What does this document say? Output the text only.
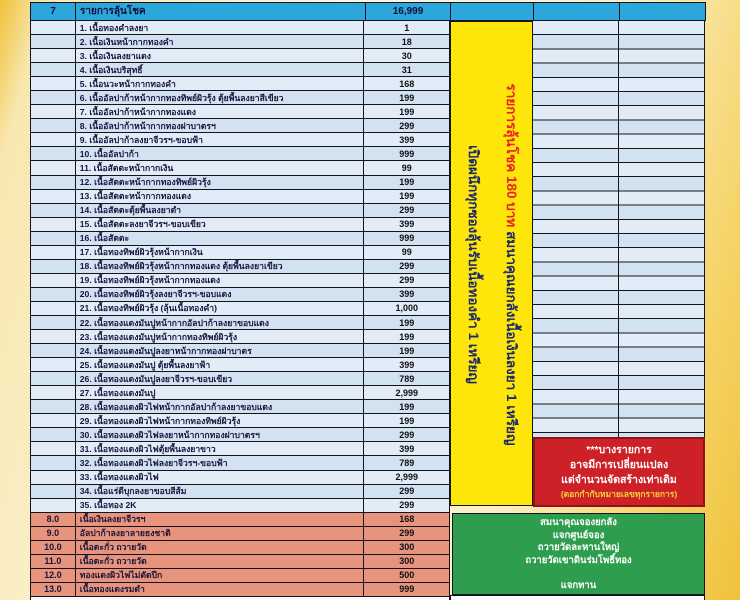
7	รายการลุ้นโชค	16,999
1. เนื้อทองคำลงยา	1
2. เนื้อเงินหน้ากากทองคำ	18
3. เนื้อเงินลงยาแดง	30
4. เนื้อเงินบริสุทธิ์	31
5. เนื้อนวะหน้ากากทองคำ	168
6. เนื้ออัลปาก้าหน้ากากทองทิพย์ผิวรุ้ง ตุ้ยพื้นลงยาสีเขียว	199
7. เนื้ออัลปาก้าหน้ากากทองแดง	199
8. เนื้ออัลปาก้าหน้ากากทองฝาบาตรฯ	299
9. เนื้ออัลปาก้าลงยาจีวรฯ-ขอบฟ้า	399
10. เนื้ออัลปาก้า	999
11. เนื้อสัตตะหน้ากากเงิน	99
12. เนื้อสัตตะหน้ากากทองทิพย์ผิวรุ้ง	199
13. เนื้อสัตตะหน้ากากทองแดง	199
14. เนื้อสัตตะตุ้ยพื้นลงยาดำ	299
15. เนื้อสัตตะลงยาจีวรฯ-ขอบเขียว	399
16. เนื้อสัตตะ	999
17. เนื้อทองทิพย์ผิวรุ้งหน้ากากเงิน	99
18. เนื้อทองทิพย์ผิวรุ้งหน้ากากทองแดง ตุ้ยพื้นลงยาเขียว	299
19. เนื้อทองทิพย์ผิวรุ้งหน้ากากทองแดง	299
20. เนื้อทองทิพย์ผิวรุ้งลงยาจีวรฯ-ขอบแดง	399
21. เนื้อทองทิพย์ผิวรุ้ง (ลุ้นเนื้อทองคำ)	1,000
22. เนื้อทองแดงมันปูหน้ากากอัลปาก้าลงยาขอบแดง	199
23. เนื้อทองแดงมันปูหน้ากากทองทิพย์ผิวรุ้ง	199
24. เนื้อทองแดงมันปูลงยาหน้ากากทองฝาบาตร	199
25. เนื้อทองแดงมันปู ตุ้ยพื้นลงยาฟ้า	399
26. เนื้อทองแดงมันปูลงยาจีวรฯ-ขอบเขียว	789
27. เนื้อทองแดงมันปู	2,999
28. เนื้อทองแดงผิวไฟหน้ากากอัลปาก้าลงยาขอบแดง	199
29. เนื้อทองแดงผิวไฟหน้ากากทองทิพย์ผิวรุ้ง	199
30. เนื้อทองแดงผิวไฟลงยาหน้ากากทองฝาบาตรฯ	299
31. เนื้อทองแดงผิวไฟตุ้ยพื้นลงยาขาว	399
32. เนื้อทองแดงผิวไฟลงยาจีวรฯ-ขอบฟ้า	789
33. เนื้อทองแดงผิวไฟ	2,999
34. เนื้อแร่ดีบุกลงยาขอบสีส้ม	299
35. เนื้อทอง 2K	299
8.0	เนื้อเงินลงยาจีวรฯ	168
9.0	อัลปาก้าลงยาลายธงชาติ	299
10.0	เนื้อตะกั่ว ถวายวัด	300
11.0	เนื้อตะกั่ว ถวายวัด	300
12.0	ทองแดงผิวไฟไม่ตัดปีก	500
13.0	เนื้อทองแดงรมดำ	999
รายการลุ้นโชค 180 บาท สมนาคุณยกลังเนื้อเงินลงยา 1 เหรียญ
เปิดผนึกทุกซองลุ้นรับเนื้อทองคำ 1 เหรียญ
***บางรายการ
อาจมีการเปลี่ยนแปลง
แต่จำนวนจัดสร้างเท่าเดิม
(ตอกกำกับหมายเลขทุกรายการ)
สมนาคุณจองยกลัง
แจกศูนย์จอง
ถวายวัดละหานใหญ่
ถวายวัดเขาดินร่มโพธิ์ทอง
แจกทาน
